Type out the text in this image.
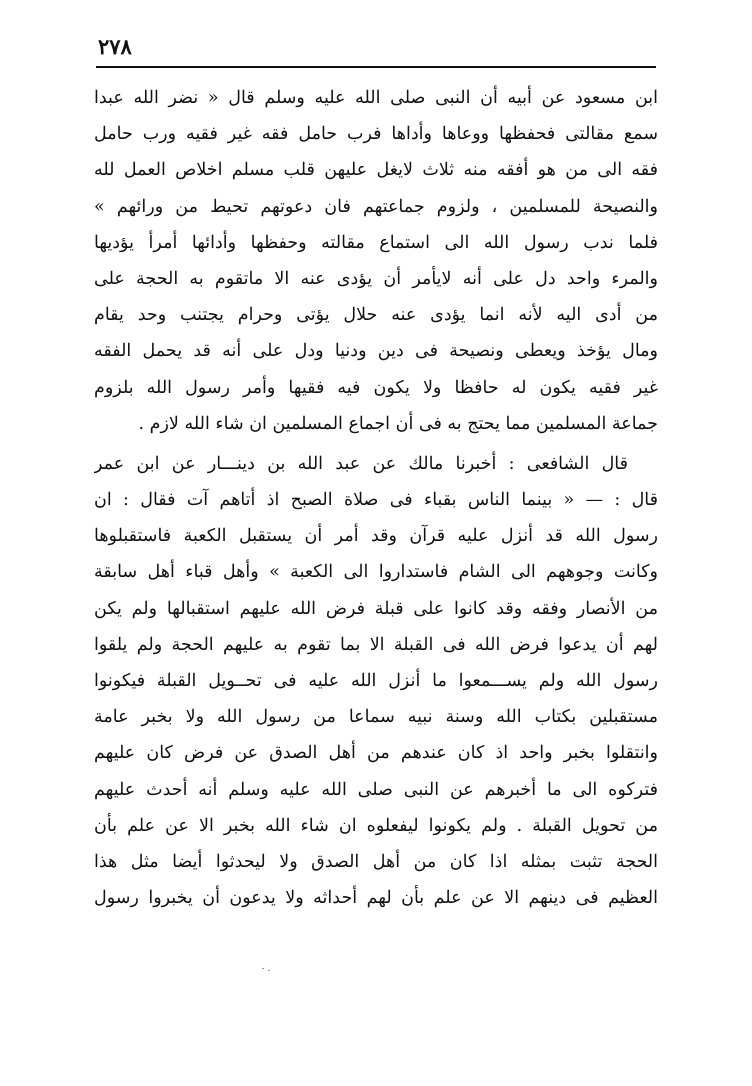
٢٧٨
ابن مسعود عن أبيه أن النبى صلى الله عليه وسلم قال « نضر الله عبدا
سمع مقالتى فحفظها ووعاها وأداها فرب حامل فقه غير فقيه ورب حامل
فقه الى من هو أفقه منه ثلاث لايغل عليهن قلب مسلم اخلاص العمل لله
والنصيحة للمسلمين ، ولزوم جماعتهم فان دعوتهم تحيط من ورائهم »
فلما ندب رسول الله الى استماع مقالته وحفظها وأدائها أمرأ يؤديها
والمرء واحد دل على أنه لايأمر أن يؤدى عنه الا ماتقوم به الحجة على
من أدى اليه لأنه انما يؤدى عنه حلال يؤتى وحرام يجتنب وحد يقام
ومال يؤخذ ويعطى ونصيحة فى دين ودنيا ودل على أنه قد يحمل الفقه
غير فقيه يكون له حافظا ولا يكون فيه فقيها وأمر رسول الله بلزوم
جماعة المسلمين مما يحتج به فى أن اجماع المسلمين ان شاء الله لازم .
قال الشافعى : أخبرنا مالك عن عبد الله بن دينـــار عن ابن عمر
قال : — « بينما الناس بقباء فى صلاة الصبح اذ أتاهم آت فقال : ان
رسول الله قد أنزل عليه قرآن وقد أمر أن يستقبل الكعبة فاستقبلوها
وكانت وجوههم الى الشام فاستداروا الى الكعبة » وأهل قباء أهل سابقة
من الأنصار وفقه وقد كانوا على قبلة فرض الله عليهم استقبالها ولم يكن
لهم أن يدعوا فرض الله فى القبلة الا بما تقوم به عليهم الحجة ولم يلقوا
رسول الله ولم يســـمعوا ما أنزل الله عليه فى تحــويل القبلة فيكونوا
مستقبلين بكتاب الله وسنة نبيه سماعا من رسول الله ولا بخبر عامة
وانتقلوا بخبر واحد اذ كان عندهم من أهل الصدق عن فرض كان عليهم
فتركوه الى ما أخبرهم عن النبى صلى الله عليه وسلم أنه أحدث عليهم
من تحويل القبلة . ولم يكونوا ليفعلوه ان شاء الله بخبر الا عن علم بأن
الحجة تثبت بمثله اذا كان من أهل الصدق ولا ليحدثوا أيضا مثل هذا
العظيم فى دينهم الا عن علم بأن لهم أحداثه ولا يدعون أن يخبروا رسول
